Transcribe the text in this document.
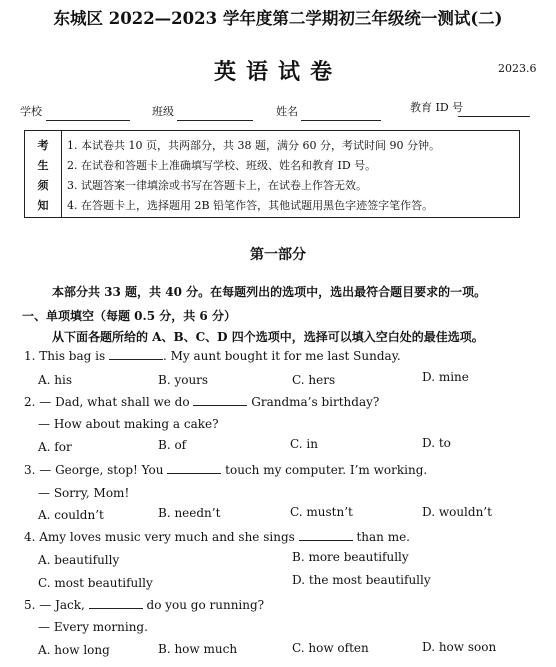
东城区 2022—2023 学年度第二学期初三年级统一测试(二)
英语试卷	2023.6
学校	班级	姓名	教育 ID 号
考
生
须
知
1. 本试卷共 10 页，共两部分，共 38 题，满分 60 分，考试时间 90 分钟。
2. 在试卷和答题卡上准确填写学校、班级、姓名和教育 ID 号。
3. 试题答案一律填涂或书写在答题卡上，在试卷上作答无效。
4. 在答题卡上，选择题用 2B 铅笔作答，其他试题用黑色字迹签字笔作答。
第一部分
本部分共 33 题，共 40 分。在每题列出的选项中，选出最符合题目要求的一项。
一、单项填空（每题 0.5 分，共 6 分）
从下面各题所给的 A、B、C、D 四个选项中，选择可以填入空白处的最佳选项。
1. This bag is	. My aunt bought it for me last Sunday.
A. his	B. yours	C. hers	D. mine
2. — Dad, what shall we do	Grandma’s birthday?
— How about making a cake?
A. for	B. of	C. in	D. to
3. — George, stop! You	touch my computer. I’m working.
— Sorry, Mom!
A. couldn’t	B. needn’t	C. mustn’t	D. wouldn’t
4. Amy loves music very much and she sings	than me.
A. beautifully	B. more beautifully
C. most beautifully	D. the most beautifully
5. — Jack,	do you go running?
— Every morning.
A. how long	B. how much	C. how often	D. how soon
